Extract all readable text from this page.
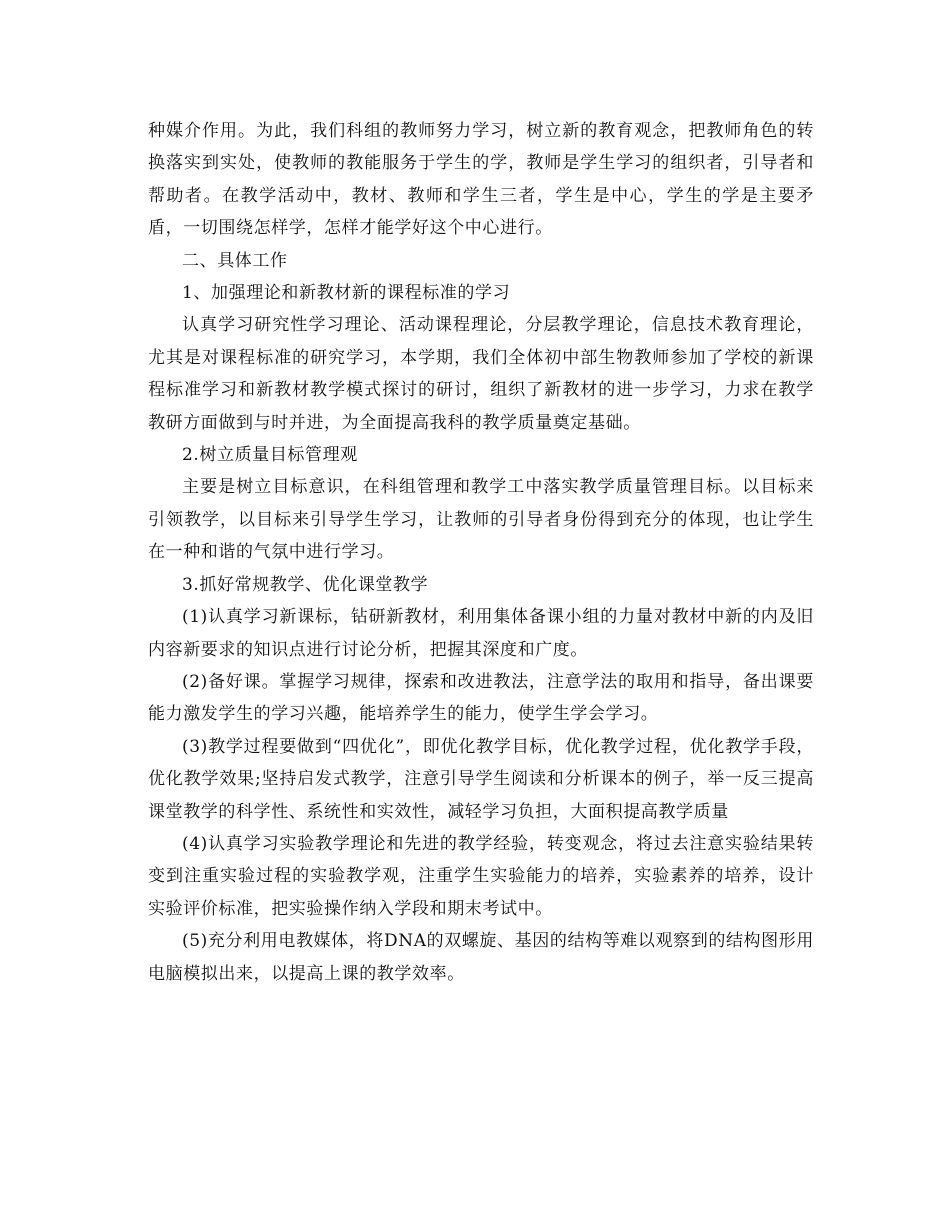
种媒介作用。为此，我们科组的教师努力学习，树立新的教育观念，把教师角色的转换落实到实处，使教师的教能服务于学生的学，教师是学生学习的组织者，引导者和帮助者。在教学活动中，教材、教师和学生三者，学生是中心，学生的学是主要矛盾，一切围绕怎样学，怎样才能学好这个中心进行。

二、具体工作

1、加强理论和新教材新的课程标准的学习

认真学习研究性学习理论、活动课程理论，分层教学理论，信息技术教育理论，尤其是对课程标准的研究学习，本学期，我们全体初中部生物教师参加了学校的新课程标准学习和新教材教学模式探讨的研讨，组织了新教材的进一步学习，力求在教学教研方面做到与时并进，为全面提高我科的教学质量奠定基础。

2.树立质量目标管理观

主要是树立目标意识，在科组管理和教学工中落实教学质量管理目标。以目标来引领教学，以目标来引导学生学习，让教师的引导者身份得到充分的体现，也让学生在一种和谐的气氛中进行学习。

3.抓好常规教学、优化课堂教学

(1)认真学习新课标，钻研新教材，利用集体备课小组的力量对教材中新的内及旧内容新要求的知识点进行讨论分析，把握其深度和广度。

(2)备好课。掌握学习规律，探索和改进教法，注意学法的取用和指导，备出课要能力激发学生的学习兴趣，能培养学生的能力，使学生学会学习。

(3)教学过程要做到“四优化”，即优化教学目标，优化教学过程，优化教学手段，优化教学效果;坚持启发式教学，注意引导学生阅读和分析课本的例子，举一反三提高课堂教学的科学性、系统性和实效性，减轻学习负担，大面积提高教学质量

(4)认真学习实验教学理论和先进的教学经验，转变观念，将过去注意实验结果转变到注重实验过程的实验教学观，注重学生实验能力的培养，实验素养的培养，设计实验评价标准，把实验操作纳入学段和期末考试中。

(5)充分利用电教媒体，将DNA的双螺旋、基因的结构等难以观察到的结构图形用电脑模拟出来，以提高上课的教学效率。
